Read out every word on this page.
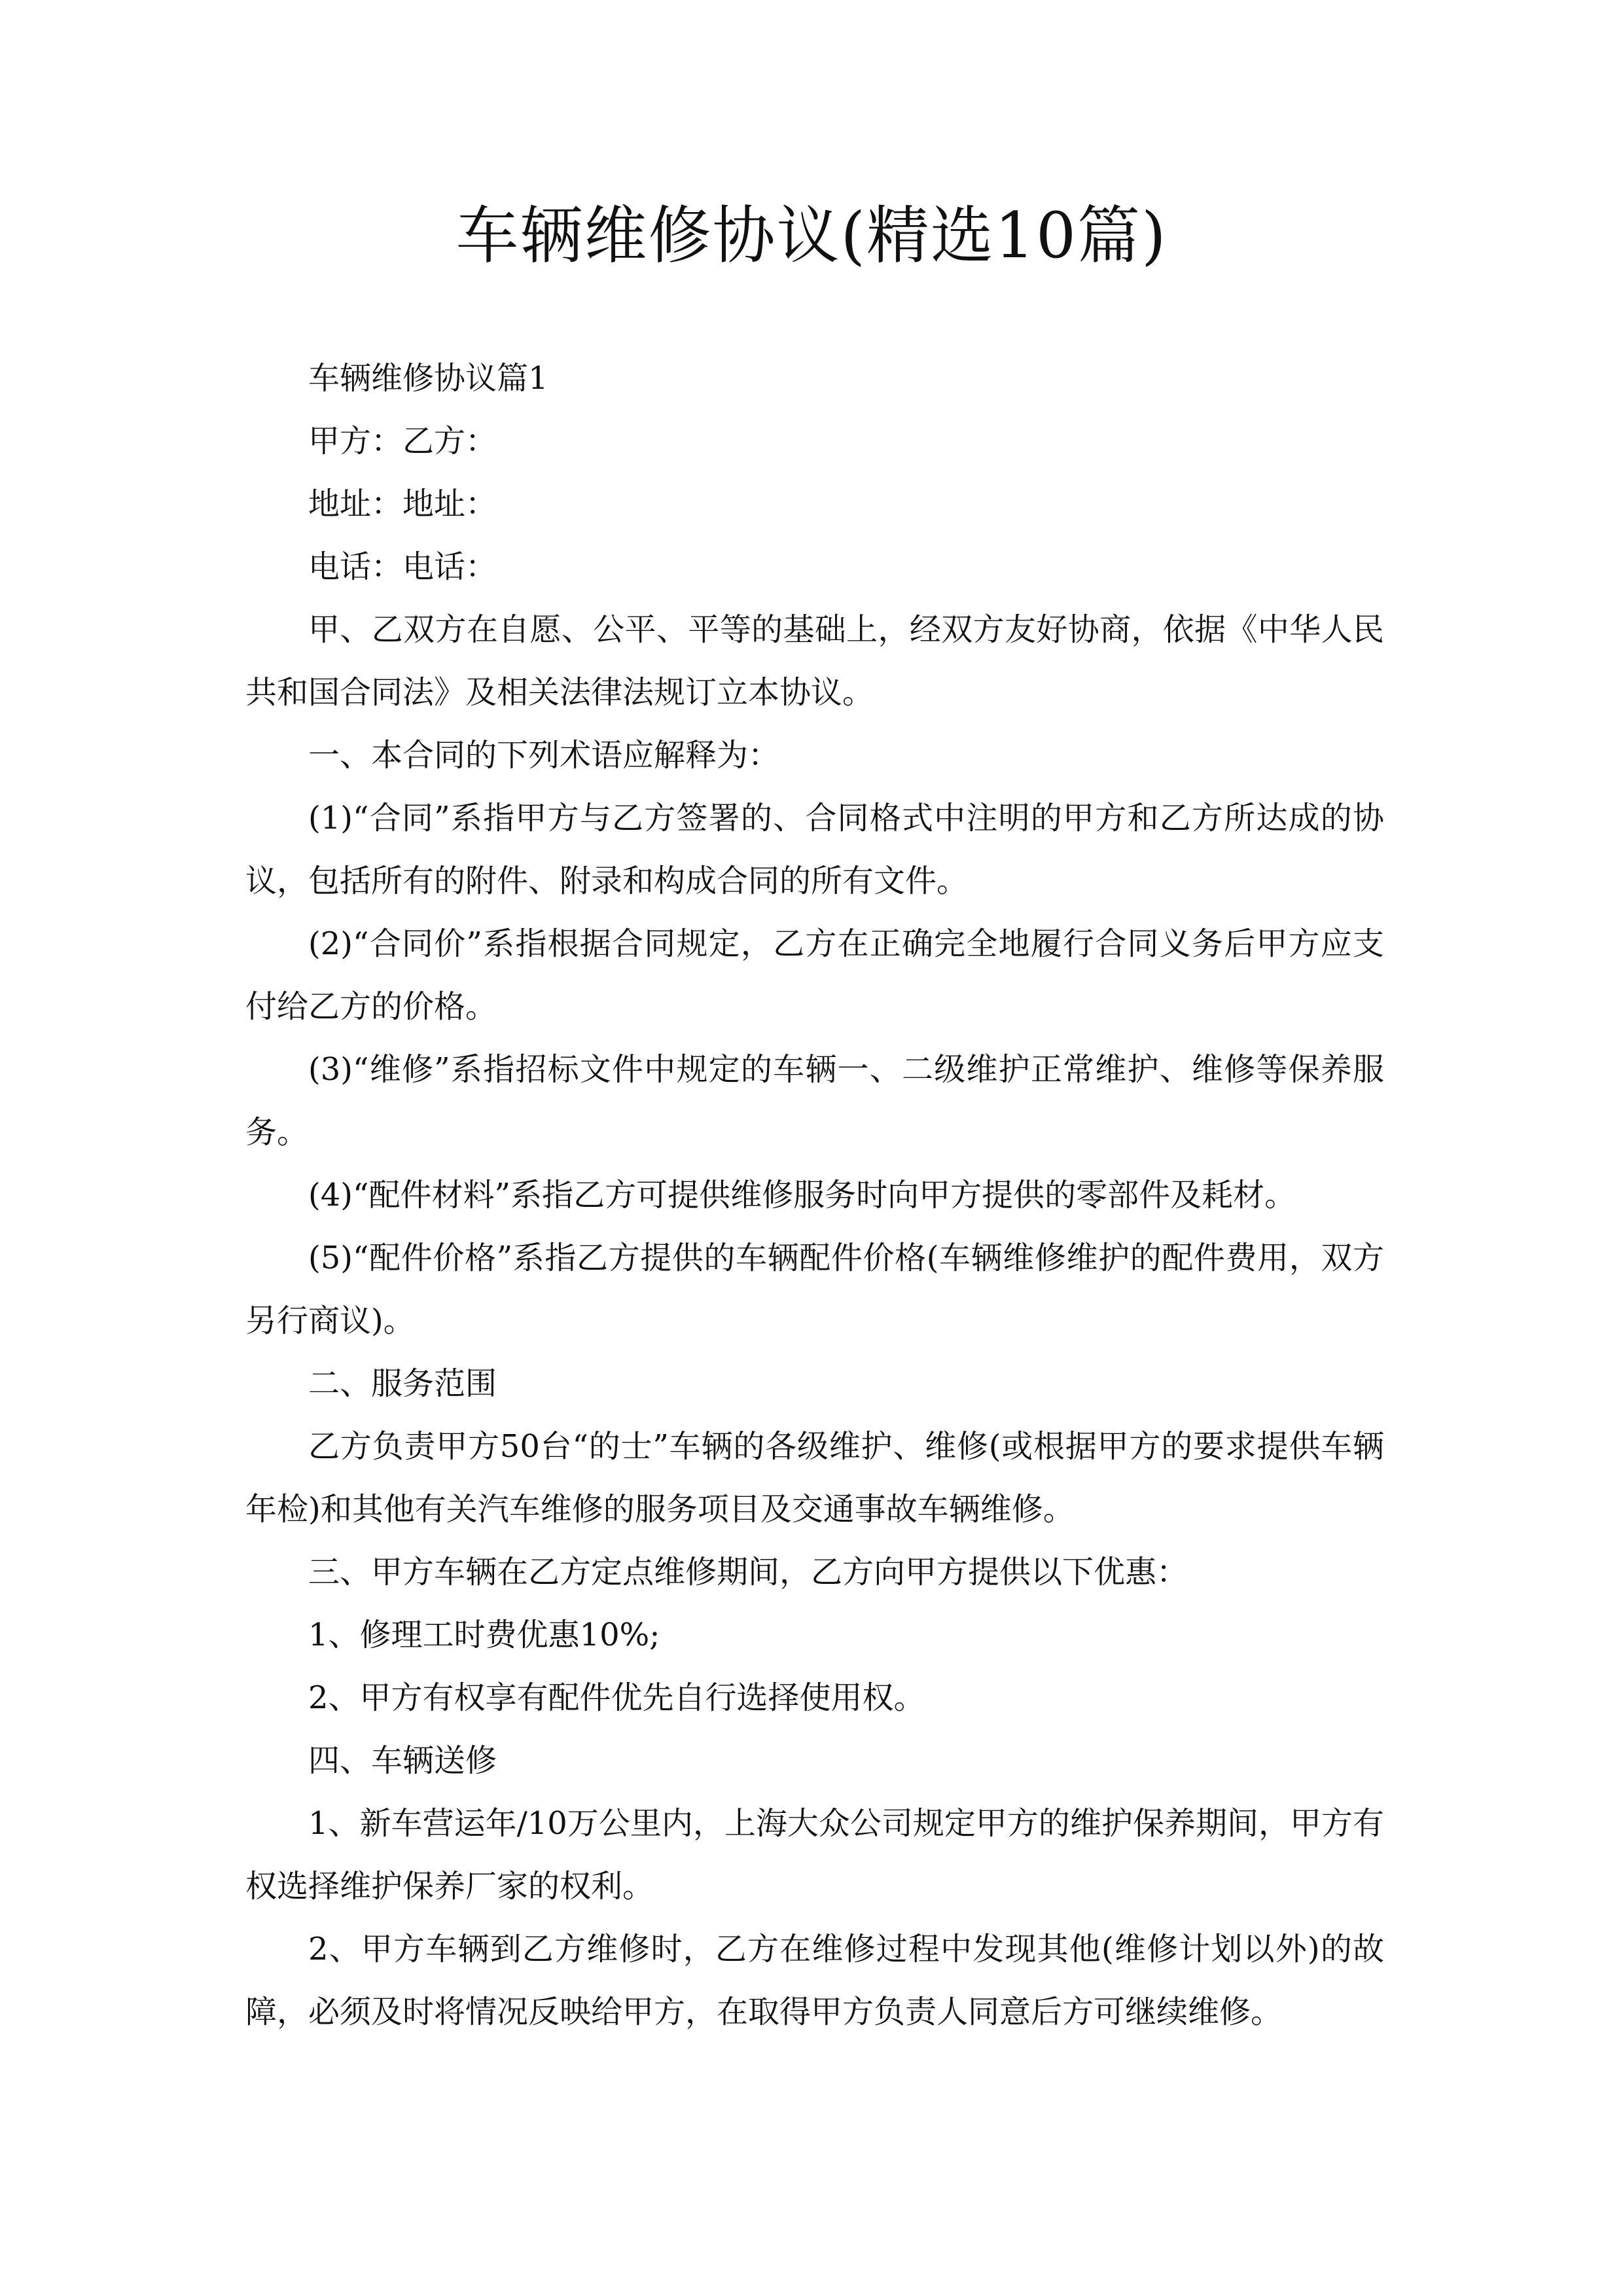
车辆维修协议(精选10篇)

车辆维修协议篇1

甲方：乙方：

地址：地址：

电话：电话：

甲、乙双方在自愿、公平、平等的基础上，经双方友好协商，依据《中华人民共和国合同法》及相关法律法规订立本协议。

一、本合同的下列术语应解释为：

(1)“合同”系指甲方与乙方签署的、合同格式中注明的甲方和乙方所达成的协议，包括所有的附件、附录和构成合同的所有文件。

(2)“合同价”系指根据合同规定，乙方在正确完全地履行合同义务后甲方应支付给乙方的价格。

(3)“维修”系指招标文件中规定的车辆一、二级维护正常维护、维修等保养服务。

(4)“配件材料”系指乙方可提供维修服务时向甲方提供的零部件及耗材。

(5)“配件价格”系指乙方提供的车辆配件价格(车辆维修维护的配件费用，双方另行商议)。

二、服务范围

乙方负责甲方50台“的士”车辆的各级维护、维修(或根据甲方的要求提供车辆年检)和其他有关汽车维修的服务项目及交通事故车辆维修。

三、甲方车辆在乙方定点维修期间，乙方向甲方提供以下优惠：

1、修理工时费优惠10%;

2、甲方有权享有配件优先自行选择使用权。

四、车辆送修

1、新车营运年/10万公里内，上海大众公司规定甲方的维护保养期间，甲方有权选择维护保养厂家的权利。

2、甲方车辆到乙方维修时，乙方在维修过程中发现其他(维修计划以外)的故障，必须及时将情况反映给甲方，在取得甲方负责人同意后方可继续维修。
